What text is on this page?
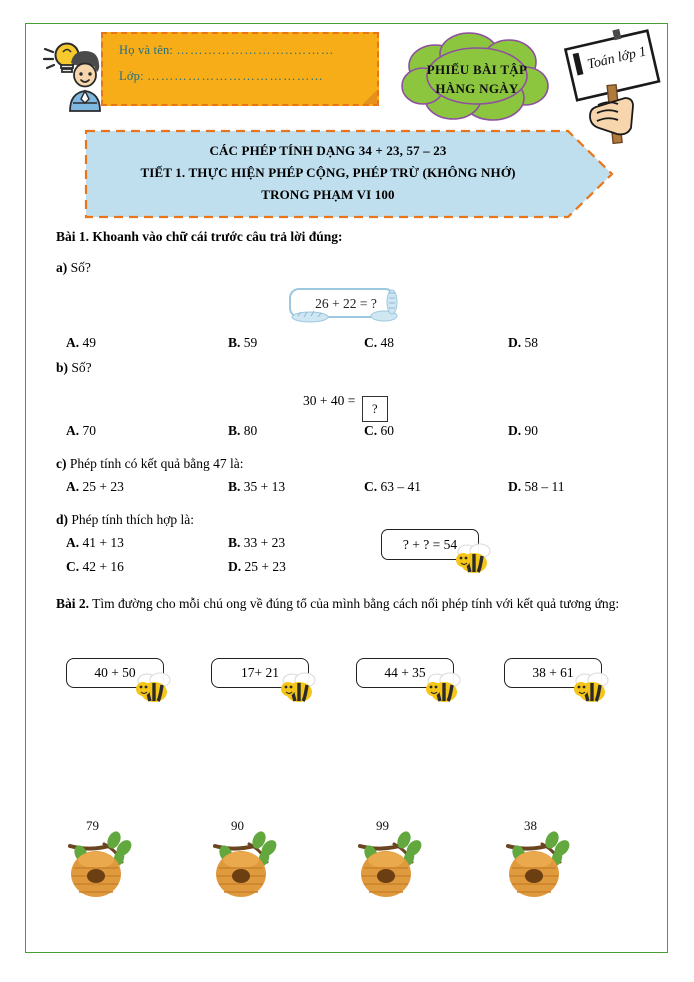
Họ và tên: ……………………..………
Lớp: …………………………………	PHIẾU BÀI TẬP
HÀNG NGÀY
Toán lớp 1
CÁC PHÉP TÍNH DẠNG 34 + 23, 57 – 23
TIẾT 1. THỰC HIỆN PHÉP CỘNG, PHÉP TRỪ (KHÔNG NHỚ)
TRONG PHẠM VI 100

Bài 1. Khoanh vào chữ cái trước câu trả lời đúng:

a) Số?

26 + 22 = ?
A. 49	B. 59	C. 48	D. 58

b) Số?

30 + 40 = ?
A. 70	B. 80	C. 60	D. 90

c) Phép tính có kết quả bằng 47 là:

A. 25 + 23	B. 35 + 13	C. 63 – 41	D. 58 – 11

d) Phép tính thích hợp là:

A. 41 + 13	B. 33 + 23
C. 42 + 16	D. 25 + 23
? + ? = 54

Bài 2. Tìm đường cho mỗi chú ong về đúng tổ của mình bằng cách nối phép tính với kết quả tương ứng:

40 + 50	17+ 21	44 + 35	38 + 61
79	90	99	38
